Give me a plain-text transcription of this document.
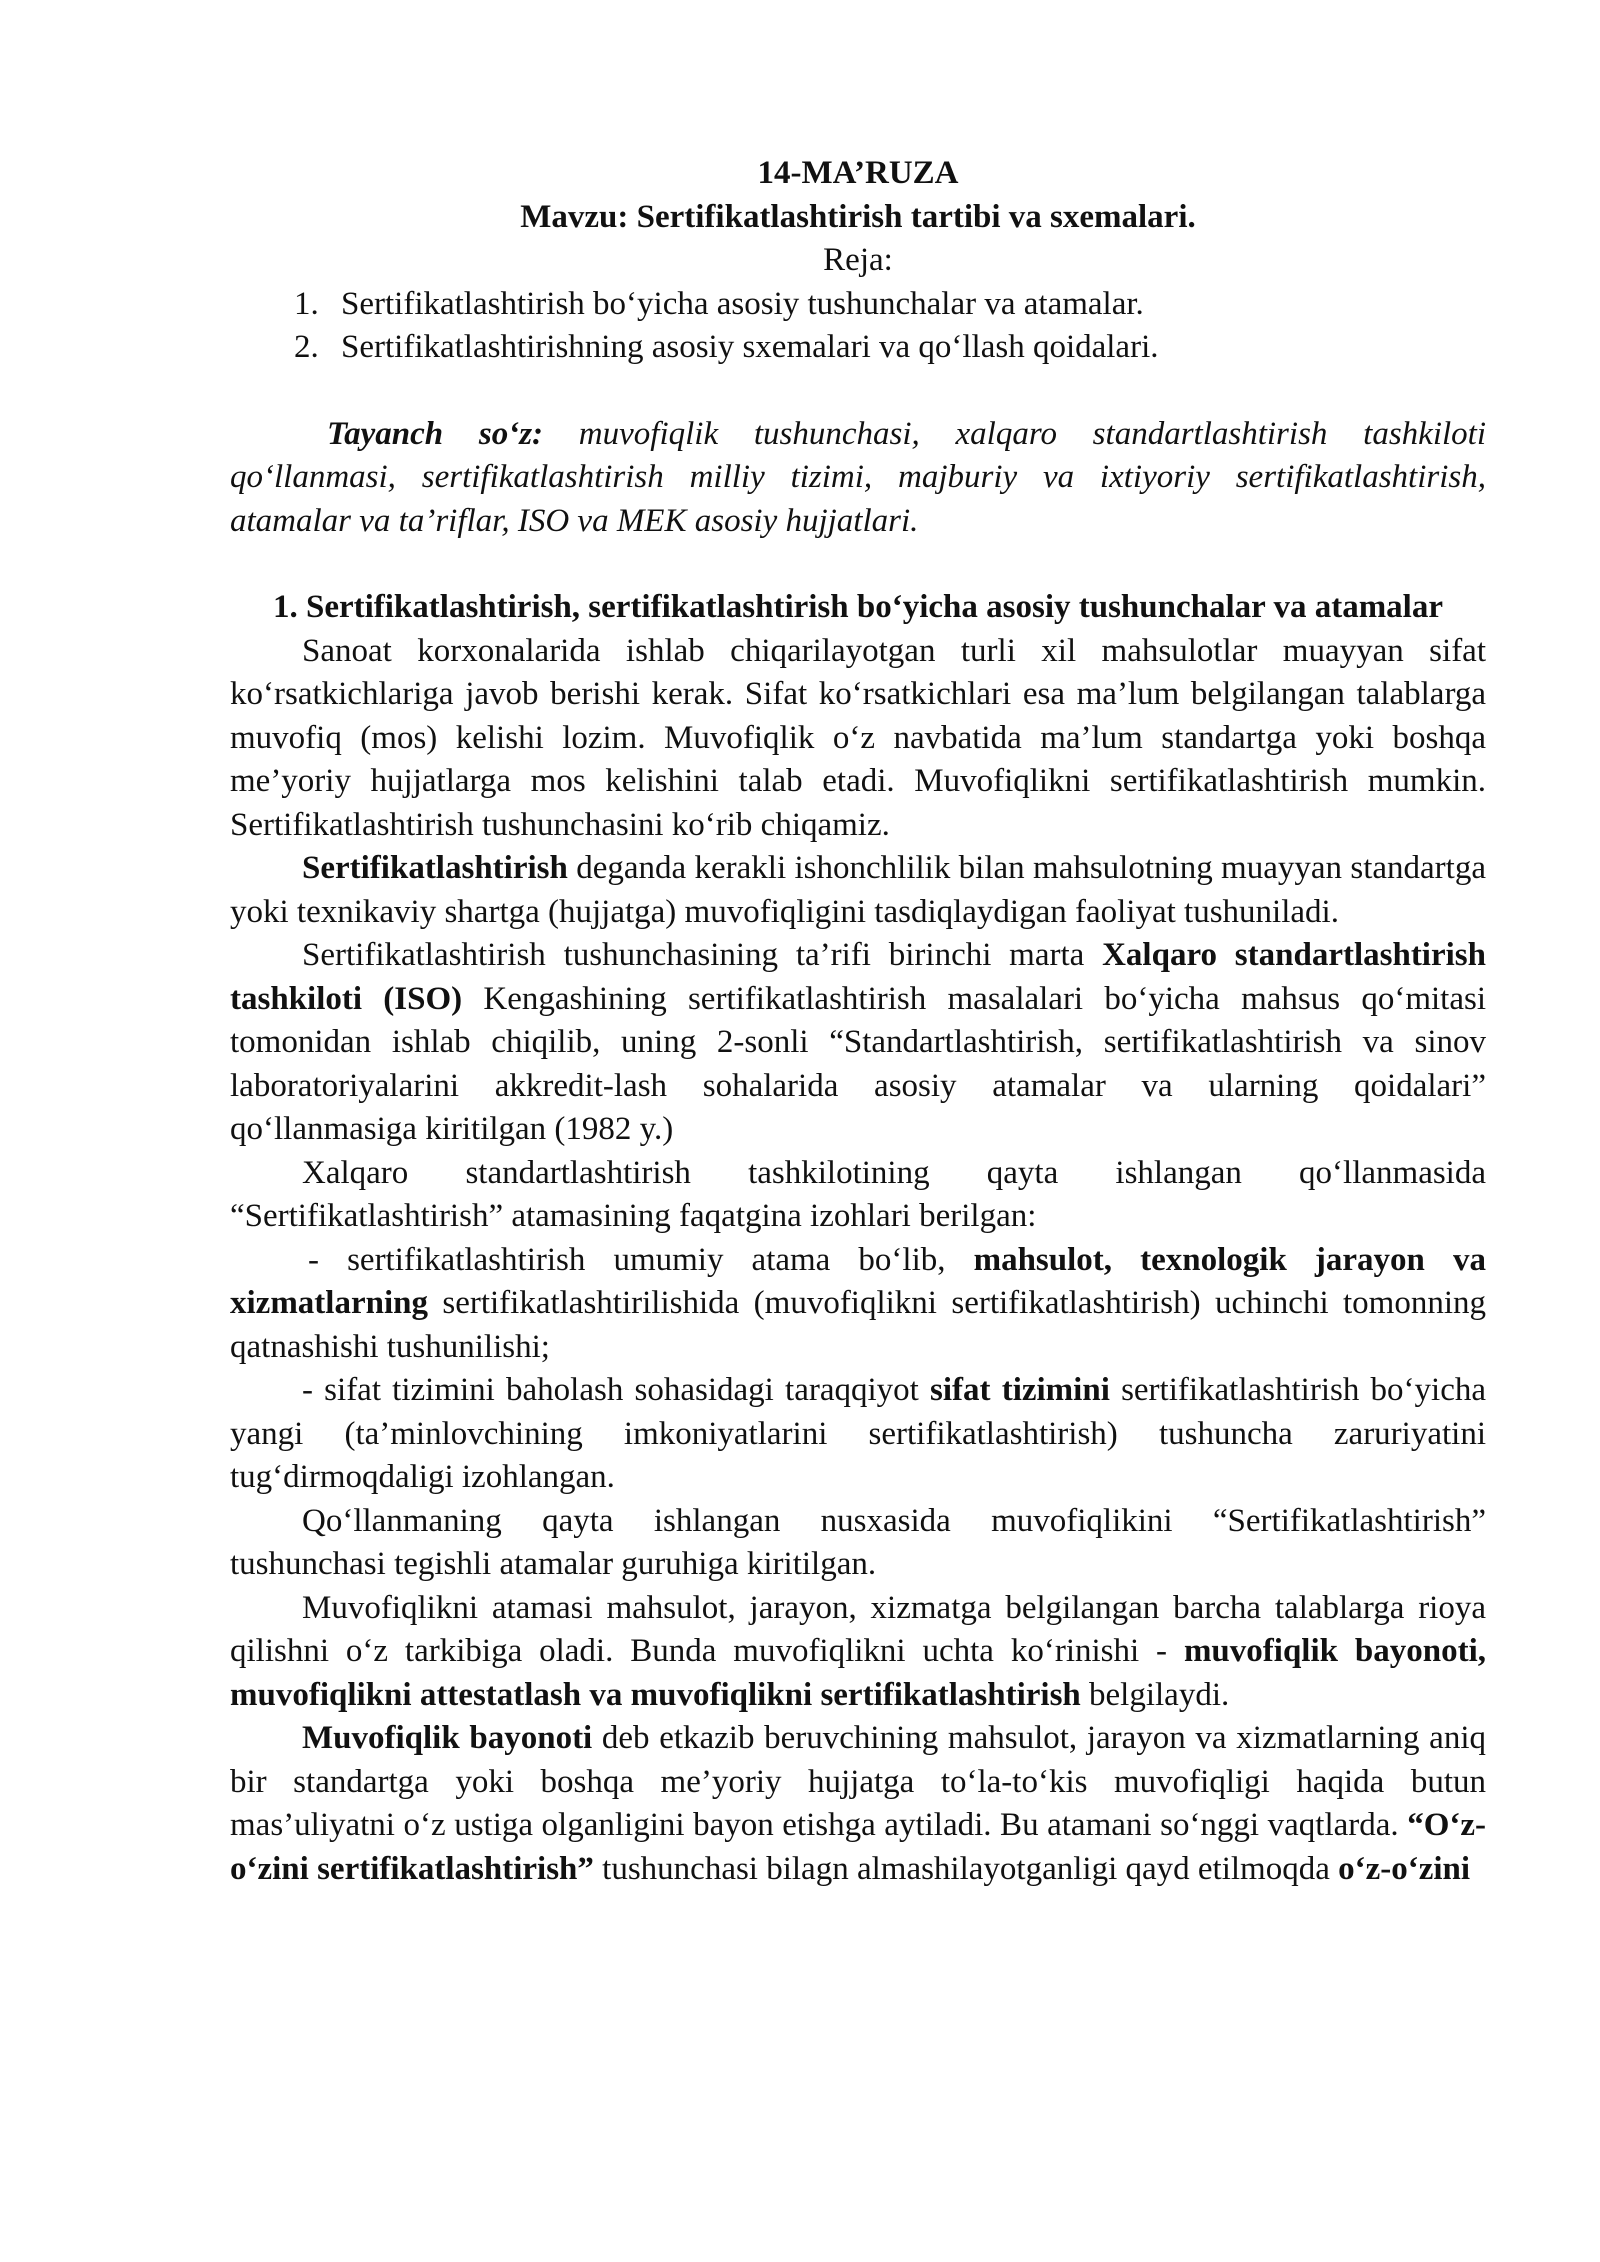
14-MA’RUZA

Mavzu: Sertifikatlashtirish tartibi va sxemalari.

Reja:

1. Sertifikatlashtirish bo‘yicha asosiy tushunchalar va atamalar.
2. Sertifikatlashtirishning asosiy sxemalari va qo‘llash qoidalari.

Tayanch so‘z: muvofiqlik tushunchasi, xalqaro standartlashtirish tashkiloti qo‘llanmasi, sertifikatlashtirish milliy tizimi, majburiy va ixtiyoriy sertifikatlashtirish, atamalar va ta’riflar, ISO va MEK asosiy hujjatlari.

1. Sertifikatlashtirish, sertifikatlashtirish bo‘yicha asosiy tushunchalar va atamalar

Sanoat korxonalarida ishlab chiqarilayotgan turli xil mahsulotlar muayyan sifat ko‘rsatkichlariga javob berishi kerak. Sifat ko‘rsatkichlari esa ma’lum belgilangan talablarga muvofiq (mos) kelishi lozim. Muvofiqlik o‘z navbatida ma’lum standartga yoki boshqa me’yoriy hujjatlarga mos kelishini talab etadi. Muvofiqlikni sertifikatlashtirish mumkin. Sertifikatlashtirish tushunchasini ko‘rib chiqamiz.

Sertifikatlashtirish deganda kerakli ishonchlilik bilan mahsulotning muayyan standartga yoki texnikaviy shartga (hujjatga) muvofiqligini tasdiqlaydigan faoliyat tushuniladi.

Sertifikatlashtirish tushunchasining ta’rifi birinchi marta Xalqaro standartlashtirish tashkiloti (ISO) Kengashining sertifikatlashtirish masalalari bo‘yicha mahsus qo‘mitasi tomonidan ishlab chiqilib, uning 2-sonli “Standartlashtirish, sertifikatlashtirish va sinov laboratoriyalarini akkredit-lash sohalarida asosiy atamalar va ularning qoidalari” qo‘llanmasiga kiritilgan (1982 y.)

Xalqaro standartlashtirish tashkilotining qayta ishlangan qo‘llanmasida “Sertifikatlashtirish” atamasining faqatgina izohlari berilgan:

- sertifikatlashtirish umumiy atama bo‘lib, mahsulot, texnologik jarayon va xizmatlarning sertifikatlashtirilishida (muvofiqlikni sertifikatlashtirish) uchinchi tomonning qatnashishi tushunilishi;

- sifat tizimini baholash sohasidagi taraqqiyot sifat tizimini sertifikatlashtirish bo‘yicha yangi (ta’minlovchining imkoniyatlarini sertifikatlashtirish) tushuncha zaruriyatini tug‘dirmoqdaligi izohlangan.

Qo‘llanmaning qayta ishlangan nusxasida muvofiqlikini “Sertifikatlashtirish” tushunchasi tegishli atamalar guruhiga kiritilgan.

Muvofiqlikni atamasi mahsulot, jarayon, xizmatga belgilangan barcha talablarga rioya qilishni o‘z tarkibiga oladi. Bunda muvofiqlikni uchta ko‘rinishi - muvofiqlik bayonoti, muvofiqlikni attestatlash va muvofiqlikni sertifikatlashtirish belgilaydi.

Muvofiqlik bayonoti deb etkazib beruvchining mahsulot, jarayon va xizmatlarning aniq bir standartga yoki boshqa me’yoriy hujjatga to‘la-to‘kis muvofiqligi haqida butun mas’uliyatni o‘z ustiga olganligini bayon etishga aytiladi. Bu atamani so‘nggi vaqtlarda. “O‘z-o‘zini sertifikatlashtirish” tushunchasi bilagn almashilayotganligi qayd etilmoqda o‘z-o‘zini
